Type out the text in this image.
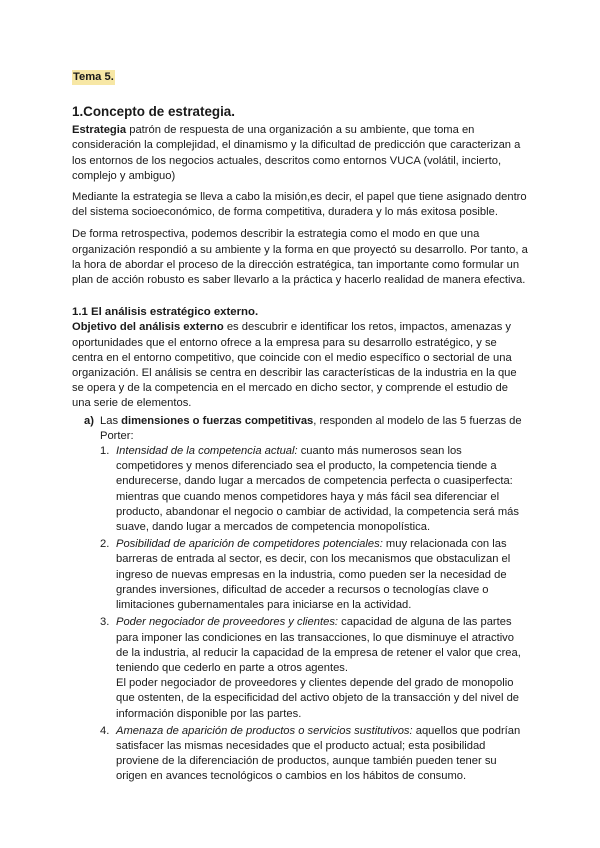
Tema 5.
1.Concepto de estrategia.

Estrategia patrón de respuesta de una organización a su ambiente, que toma en consideración la complejidad, el dinamismo y la dificultad de predicción que caracterizan a los entornos de los negocios actuales, descritos como entornos VUCA (volátil, incierto, complejo y ambiguo)

Mediante la estrategia se lleva a cabo la misión,es decir, el papel que tiene asignado dentro del sistema socioeconómico, de forma competitiva, duradera y lo más exitosa posible.

De forma retrospectiva, podemos describir la estrategia como el modo en que una organización respondió a su ambiente y la forma en que proyectó su desarrollo. Por tanto, a la hora de abordar el proceso de la dirección estratégica, tan importante como formular un plan de acción robusto es saber llevarlo a la práctica y hacerlo realidad de manera efectiva.

1.1 El análisis estratégico externo.

Objetivo del análisis externo es descubrir e identificar los retos, impactos, amenazas y oportunidades que el entorno ofrece a la empresa para su desarrollo estratégico, y se centra en el entorno competitivo, que coincide con el medio específico o sectorial de una organización. El análisis se centra en describir las características de la industria en la que se opera y de la competencia en el mercado en dicho sector, y comprende el estudio de una serie de elementos.

a) Las dimensiones o fuerzas competitivas, responden al modelo de las 5 fuerzas de Porter:
1. Intensidad de la competencia actual: cuanto más numerosos sean los competidores y menos diferenciado sea el producto, la competencia tiende a endurecerse, dando lugar a mercados de competencia perfecta o cuasiperfecta: mientras que cuando menos competidores haya y más fácil sea diferenciar el producto, abandonar el negocio o cambiar de actividad, la competencia será más suave, dando lugar a mercados de competencia monopolística.
2. Posibilidad de aparición de competidores potenciales: muy relacionada con las barreras de entrada al sector, es decir, con los mecanismos que obstaculizan el ingreso de nuevas empresas en la industria, como pueden ser la necesidad de grandes inversiones, dificultad de acceder a recursos o tecnologías clave o limitaciones gubernamentales para iniciarse en la actividad.
3. Poder negociador de proveedores y clientes: capacidad de alguna de las partes para imponer las condiciones en las transacciones, lo que disminuye el atractivo de la industria, al reducir la capacidad de la empresa de retener el valor que crea, teniendo que cederlo en parte a otros agentes.
El poder negociador de proveedores y clientes depende del grado de monopolio que ostenten, de la especificidad del activo objeto de la transacción y del nivel de información disponible por las partes.
4. Amenaza de aparición de productos o servicios sustitutivos: aquellos que podrían satisfacer las mismas necesidades que el producto actual; esta posibilidad proviene de la diferenciación de productos, aunque también pueden tener su origen en avances tecnológicos o cambios en los hábitos de consumo.
